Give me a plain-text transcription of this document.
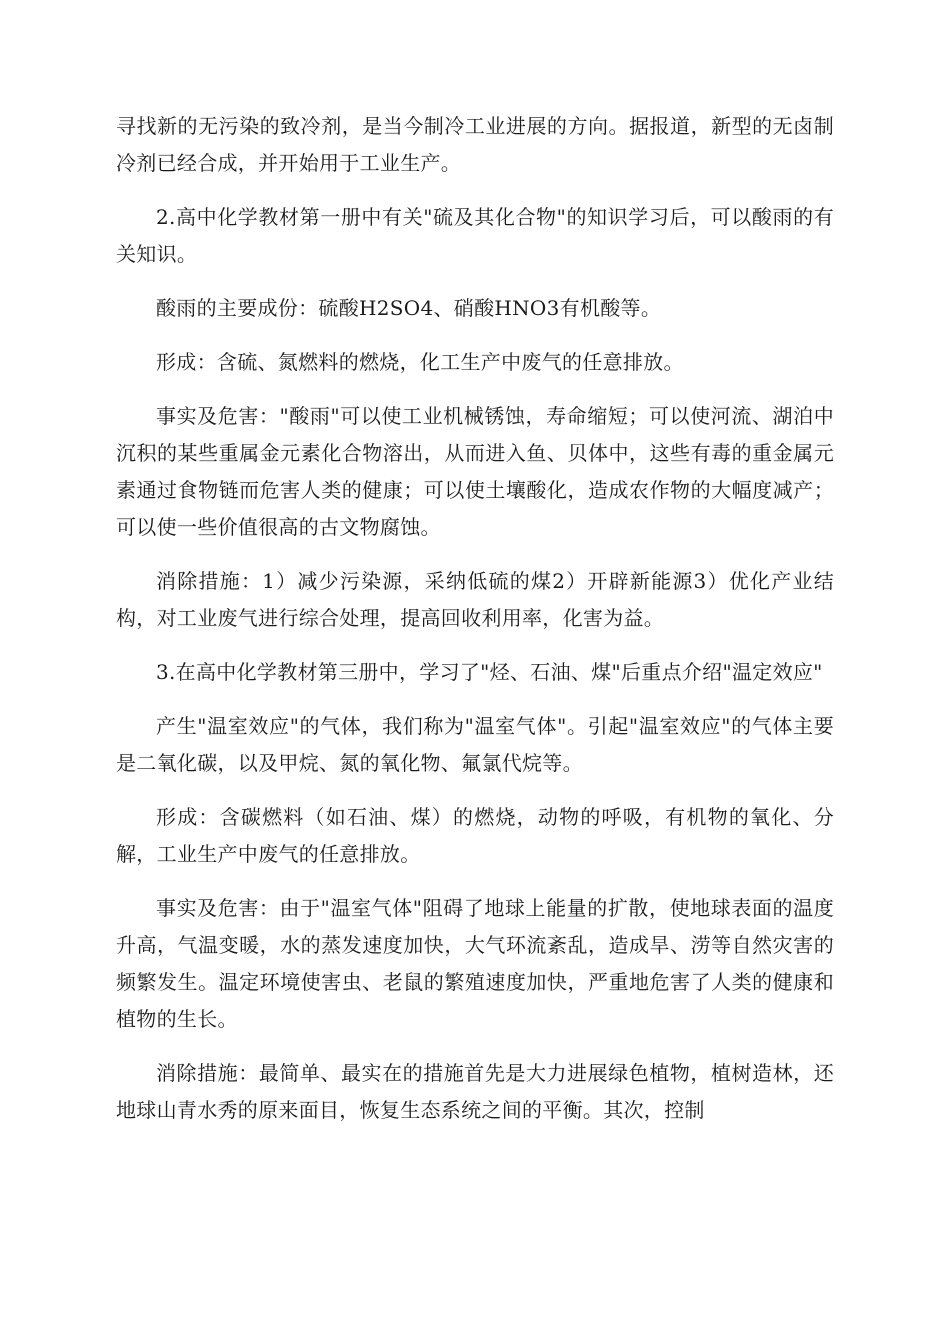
寻找新的无污染的致冷剂，是当今制冷工业进展的方向。据报道，新型的无卤制冷剂已经合成，并开始用于工业生产。

2.高中化学教材第一册中有关"硫及其化合物"的知识学习后，可以酸雨的有关知识。

酸雨的主要成份：硫酸H2SO4、硝酸HNO3有机酸等。

形成：含硫、氮燃料的燃烧，化工生产中废气的任意排放。

事实及危害："酸雨"可以使工业机械锈蚀，寿命缩短；可以使河流、湖泊中沉积的某些重属金元素化合物溶出，从而进入鱼、贝体中，这些有毒的重金属元素通过食物链而危害人类的健康；可以使土壤酸化，造成农作物的大幅度减产；可以使一些价值很高的古文物腐蚀。

消除措施：1）减少污染源，采纳低硫的煤2）开辟新能源3）优化产业结构，对工业废气进行综合处理，提高回收利用率，化害为益。

3.在高中化学教材第三册中，学习了"烃、石油、煤"后重点介绍"温定效应"

产生"温室效应"的气体，我们称为"温室气体"。引起"温室效应"的气体主要是二氧化碳，以及甲烷、氮的氧化物、氟氯代烷等。

形成：含碳燃料（如石油、煤）的燃烧，动物的呼吸，有机物的氧化、分解，工业生产中废气的任意排放。

事实及危害：由于"温室气体"阻碍了地球上能量的扩散，使地球表面的温度升高，气温变暖，水的蒸发速度加快，大气环流紊乱，造成旱、涝等自然灾害的频繁发生。温定环境使害虫、老鼠的繁殖速度加快，严重地危害了人类的健康和植物的生长。

消除措施：最简单、最实在的措施首先是大力进展绿色植物，植树造林，还地球山青水秀的原来面目，恢复生态系统之间的平衡。其次，控制
